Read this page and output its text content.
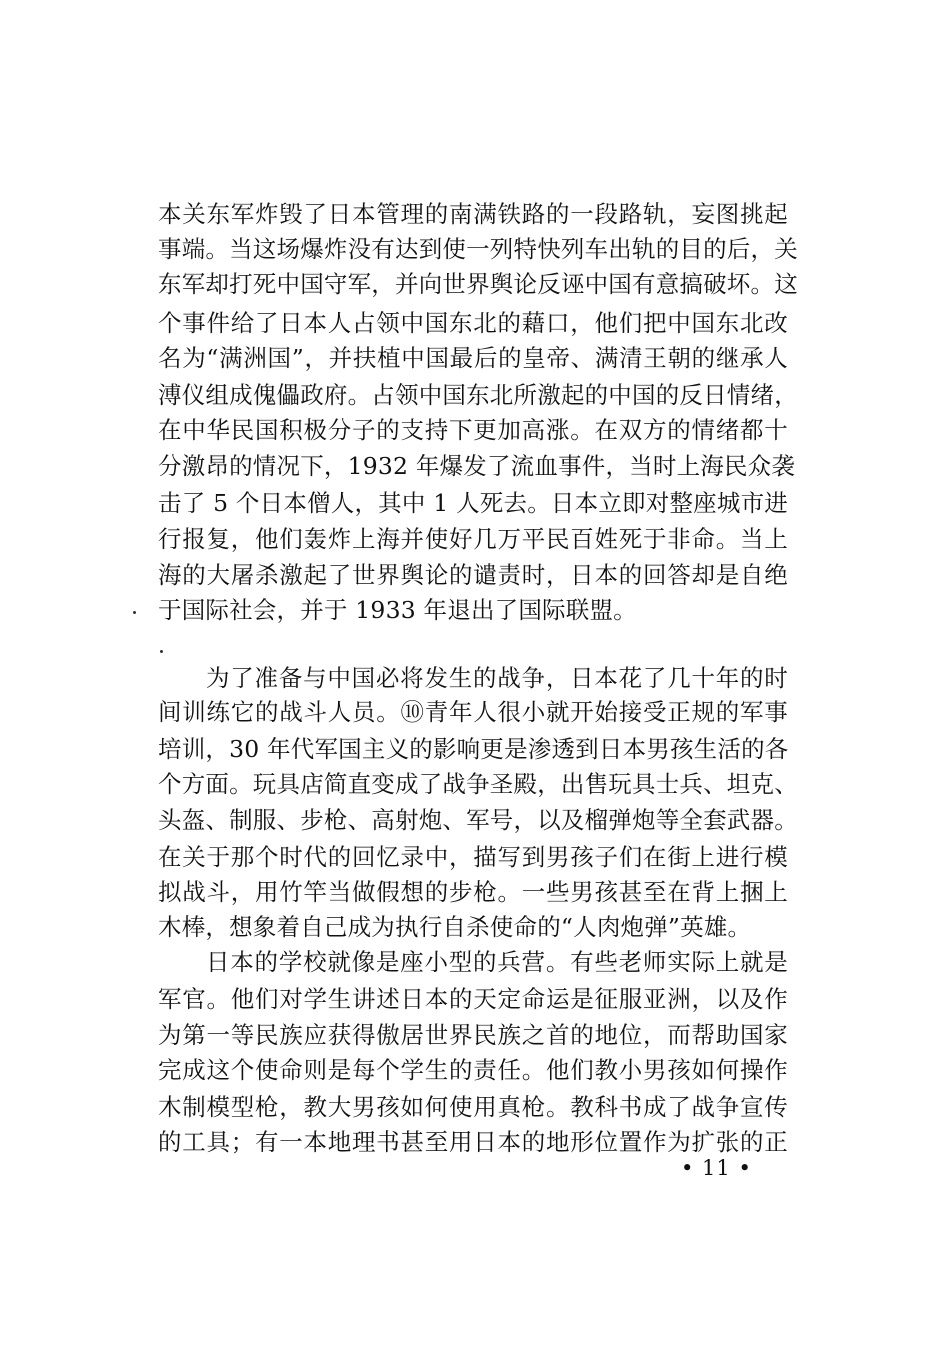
本关东军炸毁了日本管理的南满铁路的一段路轨，妄图挑起
事端。当这场爆炸没有达到使一列特快列车出轨的目的后，关
东军却打死中国守军，并向世界舆论反诬中国有意搞破坏。这
个事件给了日本人占领中国东北的藉口，他们把中国东北改
名为“满洲国”，并扶植中国最后的皇帝、满清王朝的继承人
溥仪组成傀儡政府。占领中国东北所激起的中国的反日情绪，
在中华民国积极分子的支持下更加高涨。在双方的情绪都十
分激昂的情况下，1932 年爆发了流血事件，当时上海民众袭
击了 5 个日本僧人，其中 1 人死去。日本立即对整座城市进
行报复，他们轰炸上海并使好几万平民百姓死于非命。当上
海的大屠杀激起了世界舆论的谴责时，日本的回答却是自绝
于国际社会，并于 1933 年退出了国际联盟。
为了准备与中国必将发生的战争，日本花了几十年的时
间训练它的战斗人员。⑩青年人很小就开始接受正规的军事
培训，30 年代军国主义的影响更是渗透到日本男孩生活的各
个方面。玩具店简直变成了战争圣殿，出售玩具士兵、坦克、
头盔、制服、步枪、高射炮、军号，以及榴弹炮等全套武器。
在关于那个时代的回忆录中，描写到男孩子们在街上进行模
拟战斗，用竹竿当做假想的步枪。一些男孩甚至在背上捆上
木棒，想象着自己成为执行自杀使命的“人肉炮弹”英雄。
日本的学校就像是座小型的兵营。有些老师实际上就是
军官。他们对学生讲述日本的天定命运是征服亚洲，以及作
为第一等民族应获得傲居世界民族之首的地位，而帮助国家
完成这个使命则是每个学生的责任。他们教小男孩如何操作
木制模型枪，教大男孩如何使用真枪。教科书成了战争宣传
的工具；有一本地理书甚至用日本的地形位置作为扩张的正
• 11 •
